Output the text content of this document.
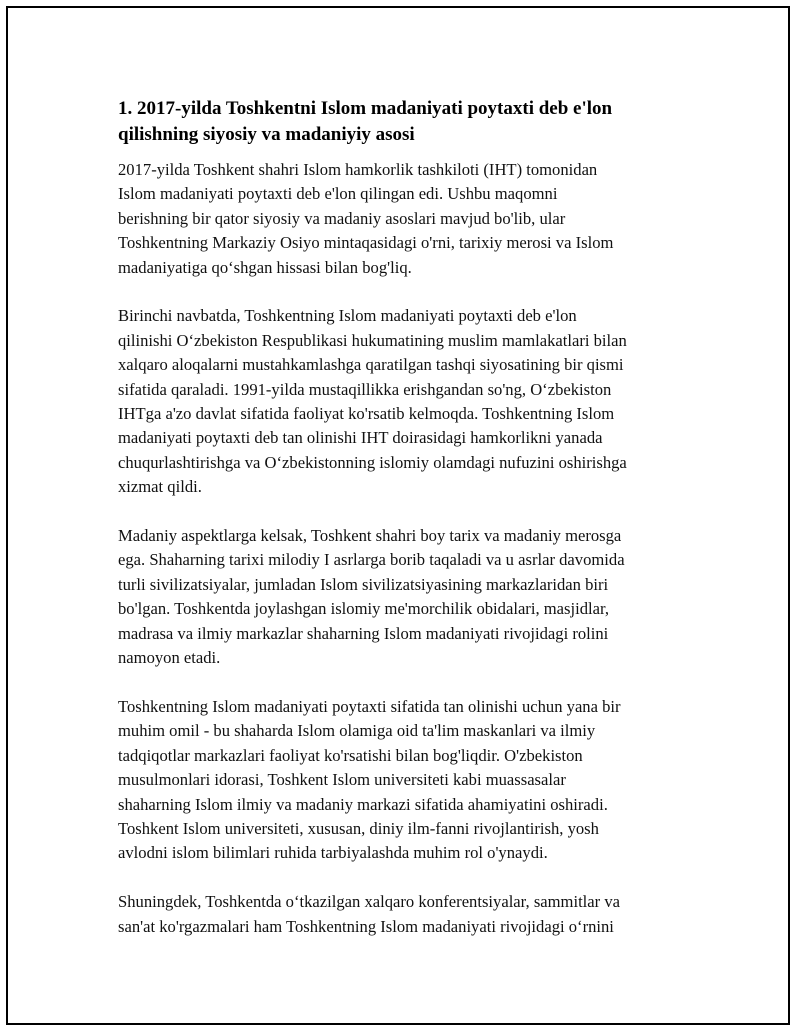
1. 2017-yilda Toshkentni Islom madaniyati poytaxti deb e'lon
qilishning siyosiy va madaniyiy asosi

2017-yilda Toshkent shahri Islom hamkorlik tashkiloti (IHT) tomonidan
Islom madaniyati poytaxti deb e'lon qilingan edi. Ushbu maqomni
berishning bir qator siyosiy va madaniy asoslari mavjud bo'lib, ular
Toshkentning Markaziy Osiyo mintaqasidagi o'rni, tarixiy merosi va Islom
madaniyatiga qo‘shgan hissasi bilan bog'liq.

Birinchi navbatda, Toshkentning Islom madaniyati poytaxti deb e'lon
qilinishi O‘zbekiston Respublikasi hukumatining muslim mamlakatlari bilan
xalqaro aloqalarni mustahkamlashga qaratilgan tashqi siyosatining bir qismi
sifatida qaraladi. 1991-yilda mustaqillikka erishgandan so'ng, O‘zbekiston
IHTga a'zo davlat sifatida faoliyat ko'rsatib kelmoqda. Toshkentning Islom
madaniyati poytaxti deb tan olinishi IHT doirasidagi hamkorlikni yanada
chuqurlashtirishga va O‘zbekistonning islomiy olamdagi nufuzini oshirishga
xizmat qildi.

Madaniy aspektlarga kelsak, Toshkent shahri boy tarix va madaniy merosga
ega. Shaharning tarixi milodiy I asrlarga borib taqaladi va u asrlar davomida
turli sivilizatsiyalar, jumladan Islom sivilizatsiyasining markazlaridan biri
bo'lgan. Toshkentda joylashgan islomiy me'morchilik obidalari, masjidlar,
madrasa va ilmiy markazlar shaharning Islom madaniyati rivojidagi rolini
namoyon etadi.

Toshkentning Islom madaniyati poytaxti sifatida tan olinishi uchun yana bir
muhim omil - bu shaharda Islom olamiga oid ta'lim maskanlari va ilmiy
tadqiqotlar markazlari faoliyat ko'rsatishi bilan bog'liqdir. O'zbekiston
musulmonlari idorasi, Toshkent Islom universiteti kabi muassasalar
shaharning Islom ilmiy va madaniy markazi sifatida ahamiyatini oshiradi.
Toshkent Islom universiteti, xususan, diniy ilm-fanni rivojlantirish, yosh
avlodni islom bilimlari ruhida tarbiyalashda muhim rol o'ynaydi.

Shuningdek, Toshkentda o‘tkazilgan xalqaro konferentsiyalar, sammitlar va
san'at ko'rgazmalari ham Toshkentning Islom madaniyati rivojidagi o‘rnini
